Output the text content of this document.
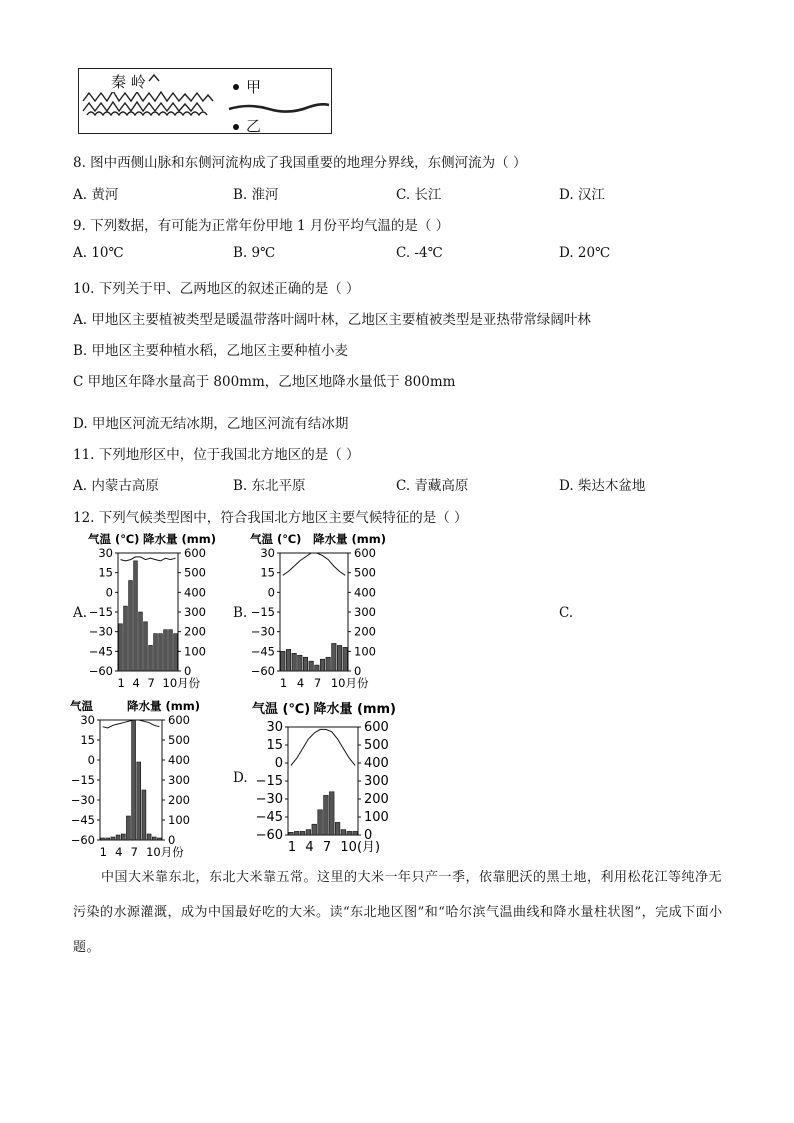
秦 岭	甲
乙
8. 图中西侧山脉和东侧河流构成了我国重要的地理分界线，东侧河流为（ ）
A. 黄河	B. 淮河	C. 长江	D. 汉江
9. 下列数据，有可能为正常年份甲地 1 月份平均气温的是（ ）
A. 10℃	B. 9℃	C. -4℃	D. 20℃
10. 下列关于甲、乙两地区的叙述正确的是（ ）
A. 甲地区主要植被类型是暖温带落叶阔叶林，乙地区主要植被类型是亚热带常绿阔叶林
B. 甲地区主要种植水稻，乙地区主要种植小麦
C 甲地区年降水量高于 800mm，乙地区地降水量低于 800mm
D. 甲地区河流无结冰期，乙地区河流有结冰期
11. 下列地形区中，位于我国北方地区的是（ ）
A. 内蒙古高原	B. 东北平原	C. 青藏高原	D. 柴达木盆地
12. 下列气候类型图中，符合我国北方地区主要气候特征的是（ ）
A.	B.	C.
D.
气温 (℃) 降水量 (mm)
30
15
0
−15
−30
−45
−60
600
500
400
300
200
100
0
1 4 7 10月份
气温 (℃) 降水量 (mm)
30
15
0
−15
−30
−45
−60
600
500
400
300
200
100
0
1 4 7 10月份
气温	降水量 (mm)
30
15
0
−15
−30
−45
−60
600
500
400
300
200
100
0
1 4 7 10月份
气温 (℃) 降水量 (mm)
30
15
0
−15
−30
−45
−60
600
500
400
300
200
100
0
1 4 7 10(月)
中国大米靠东北，东北大米靠五常。这里的大米一年只产一季，依靠肥沃的黑土地，利用松花江等纯净无污染的水源灌溉，成为中国最好吃的大米。读“东北地区图”和“哈尔滨气温曲线和降水量柱状图”，完成下面小题。
